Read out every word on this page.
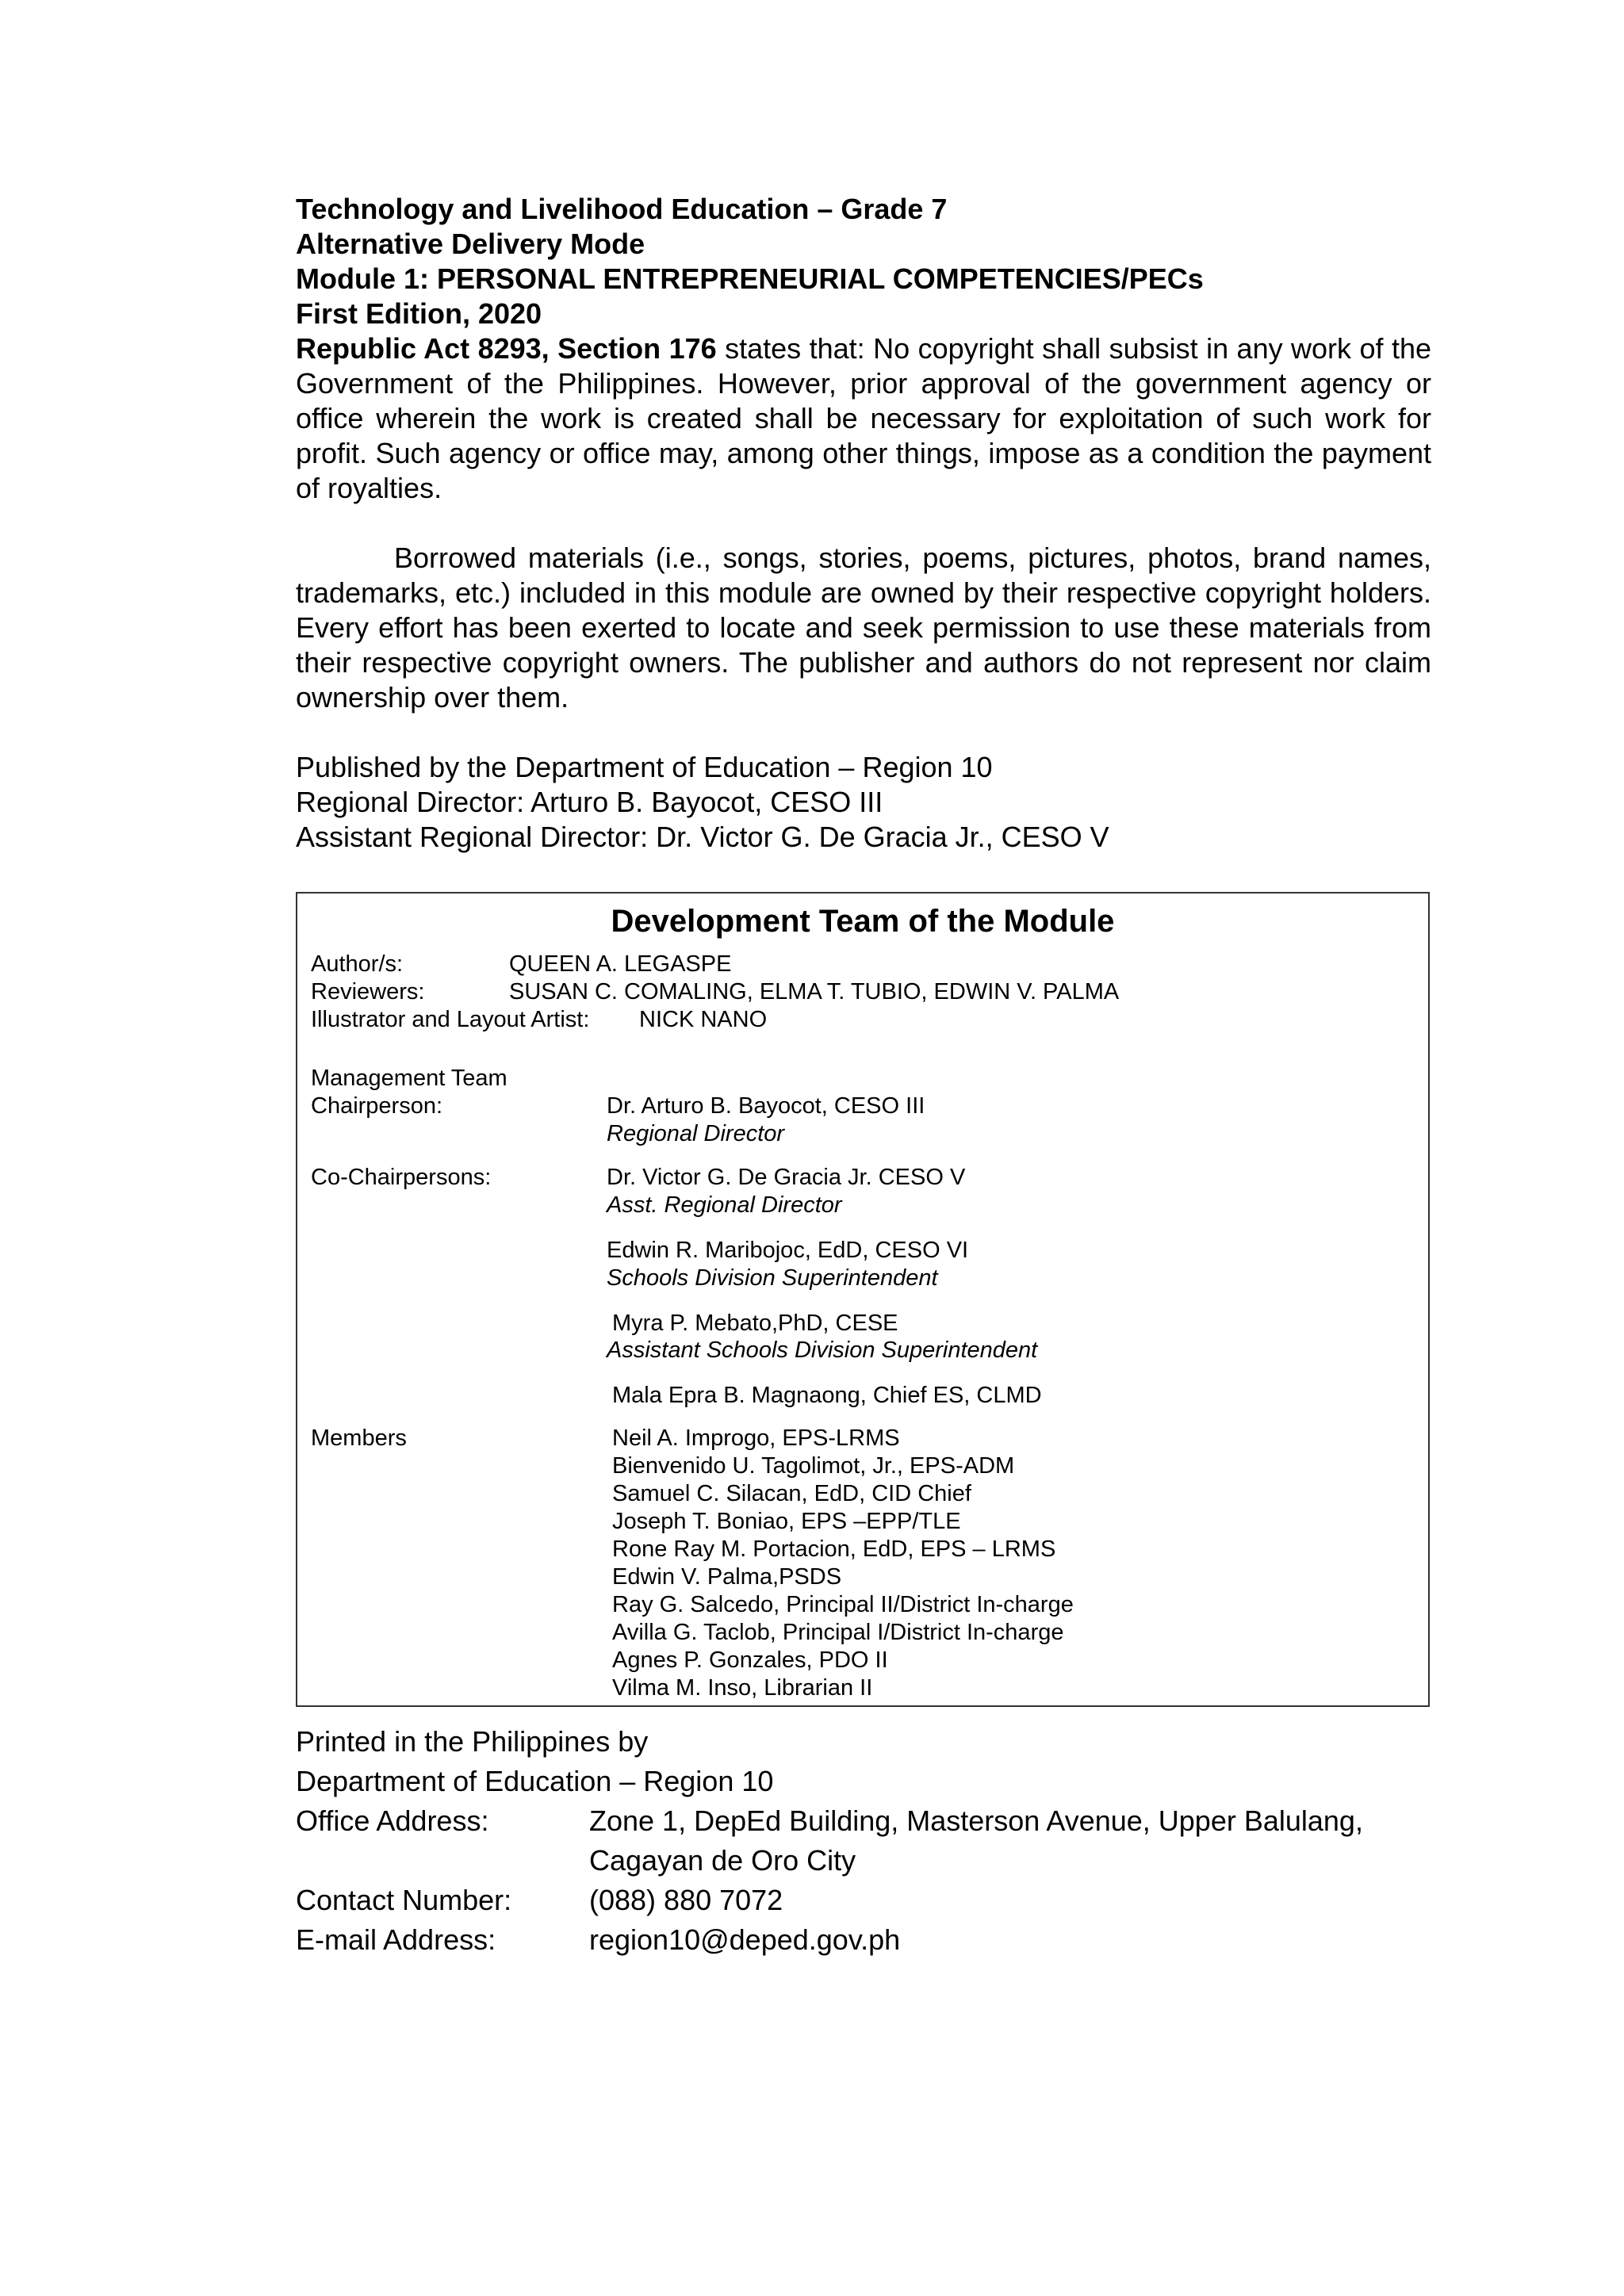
Technology and Livelihood Education – Grade 7
Alternative Delivery Mode
Module 1: PERSONAL ENTREPRENEURIAL COMPETENCIES/PECs
First Edition, 2020

Republic Act 8293, Section 176 states that: No copyright shall subsist in any work of the Government of the Philippines. However, prior approval of the government agency or office wherein the work is created shall be necessary for exploitation of such work for profit. Such agency or office may, among other things, impose as a condition the payment of royalties.

Borrowed materials (i.e., songs, stories, poems, pictures, photos, brand names, trademarks, etc.) included in this module are owned by their respective copyright holders. Every effort has been exerted to locate and seek permission to use these materials from their respective copyright owners. The publisher and authors do not represent nor claim ownership over them.

Published by the Department of Education – Region 10
Regional Director: Arturo B. Bayocot, CESO III
Assistant Regional Director: Dr. Victor G. De Gracia Jr., CESO V
Development Team of the Module
Author/s:	QUEEN A. LEGASPE
Reviewers:	SUSAN C. COMALING, ELMA T. TUBIO, EDWIN V. PALMA
Illustrator and Layout Artist: NICK NANO
Management Team
Chairperson:	Dr. Arturo B. Bayocot, CESO III
Regional Director
Co-Chairpersons:	Dr. Victor G. De Gracia Jr. CESO V
Asst. Regional Director
Edwin R. Maribojoc, EdD, CESO VI
Schools Division Superintendent
Myra P. Mebato,PhD, CESE
Assistant Schools Division Superintendent
Mala Epra B. Magnaong, Chief ES, CLMD
Members	Neil A. Improgo, EPS-LRMS
Bienvenido U. Tagolimot, Jr., EPS-ADM
Samuel C. Silacan, EdD, CID Chief
Joseph T. Boniao, EPS –EPP/TLE
Rone Ray M. Portacion, EdD, EPS – LRMS
Edwin V. Palma,PSDS
Ray G. Salcedo, Principal II/District In-charge
Avilla G. Taclob, Principal I/District In-charge
Agnes P. Gonzales, PDO II
Vilma M. Inso, Librarian II
Printed in the Philippines by
Department of Education – Region 10
Office Address:	Zone 1, DepEd Building, Masterson Avenue, Upper Balulang,
Cagayan de Oro City
Contact Number:	(088) 880 7072
E-mail Address:	region10@deped.gov.ph
